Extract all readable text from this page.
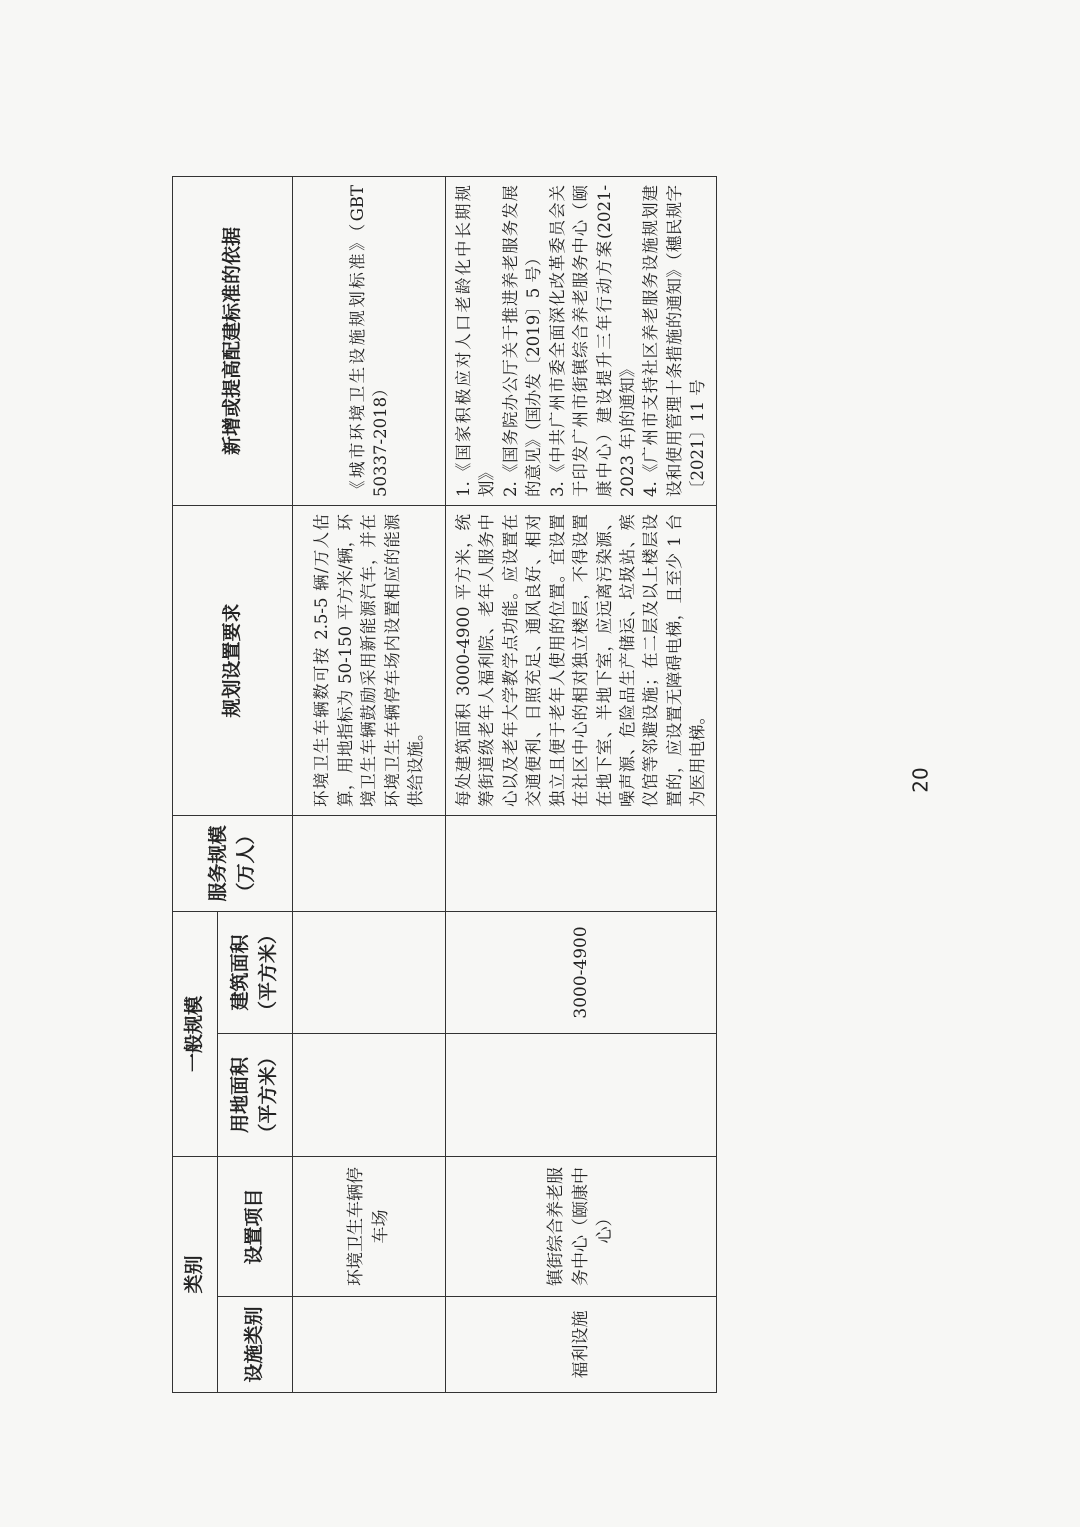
类别		一般规模		服务规模（万人）	规划设置要求	新增或提高配建标准的依据
设施类别	设置项目	用地面积（平方米）	建筑面积（平方米）			
	环境卫生车辆停车场				环境卫生车辆数可按 2.5-5 辆/万人估算，用地指标为 50-150 平方米/辆，环境卫生车辆鼓励采用新能源汽车，并在环境卫生车辆停车场内设置相应的能源供给设施。	《城市环境卫生设施规划标准》（GBT 50337-2018）
福利设施	镇街综合养老服务中心（颐康中心）		3000-4900		每处建筑面积 3000-4900 平方米，统筹街道级老年人福利院、老年人服务中心以及老年大学教学点功能。应设置在交通便利、日照充足、通风良好、相对独立且便于老年人使用的位置。宜设置在社区中心的相对独立楼层，不得设置在地下室、半地下室，应远离污染源、噪声源、危险品生产储运、垃圾站、殡仪馆等邻避设施；在二层及以上楼层设置的，应设置无障碍电梯，且至少 1 台为医用电梯。	1.《国家积极应对人口老龄化中长期规划》
2.《国务院办公厅关于推进养老服务发展的意见》（国办发〔2019〕5 号）
3.《中共广州市委全面深化改革委员会关于印发广州市街镇综合养老服务中心（颐康中心）建设提升三年行动方案(2021-2023 年)的通知》
4.《广州市支持社区养老服务设施规划建设和使用管理十条措施的通知》（穗民规字〔2021〕11 号
20
